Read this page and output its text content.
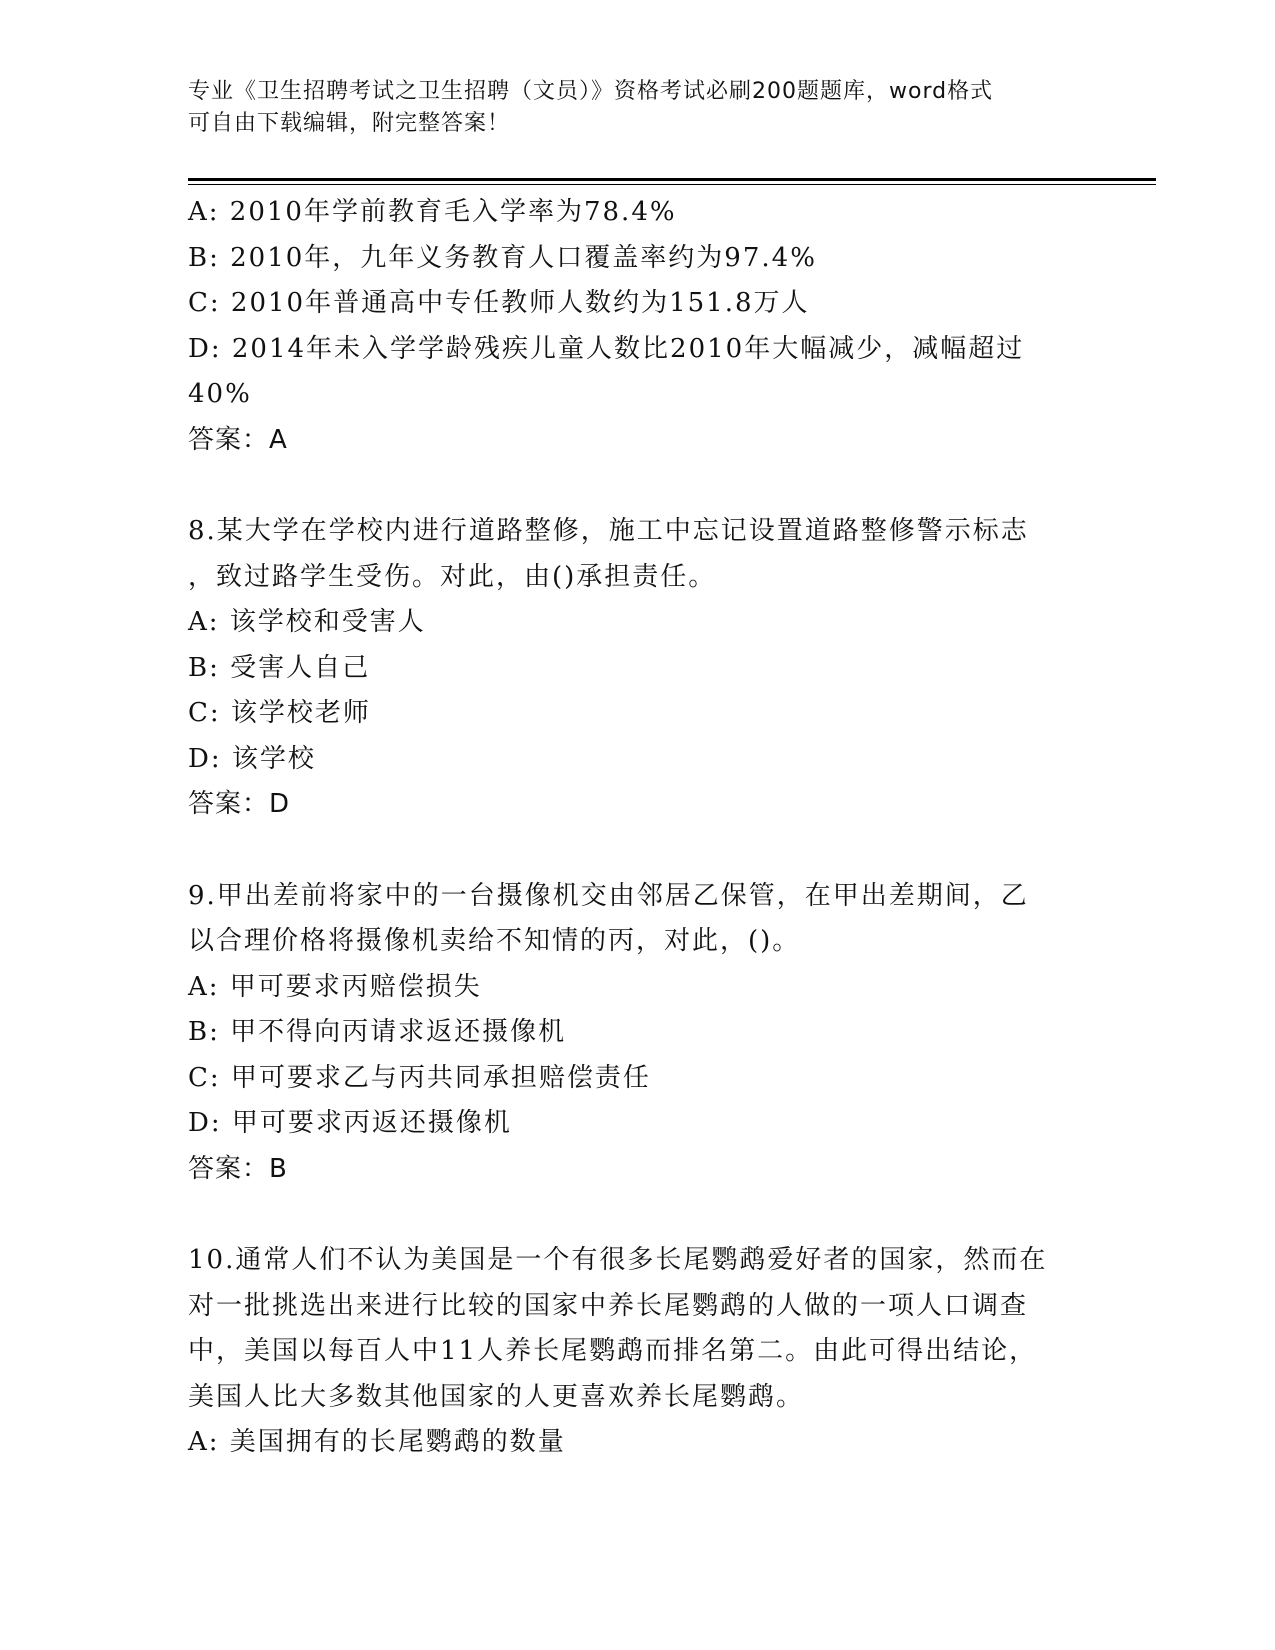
专业《卫生招聘考试之卫生招聘（文员）》资格考试必刷200题题库，word格式
可自由下载编辑，附完整答案！
A: 2010年学前教育毛入学率为78.4%
B: 2010年，九年义务教育人口覆盖率约为97.4%
C: 2010年普通高中专任教师人数约为151.8万人
D: 2014年未入学学龄残疾儿童人数比2010年大幅减少，减幅超过
40%
答案：A
8.某大学在学校内进行道路整修，施工中忘记设置道路整修警示标志
，致过路学生受伤。对此，由()承担责任。
A: 该学校和受害人
B: 受害人自己
C: 该学校老师
D: 该学校
答案：D
9.甲出差前将家中的一台摄像机交由邻居乙保管，在甲出差期间，乙
以合理价格将摄像机卖给不知情的丙，对此，()。
A: 甲可要求丙赔偿损失
B: 甲不得向丙请求返还摄像机
C: 甲可要求乙与丙共同承担赔偿责任
D: 甲可要求丙返还摄像机
答案：B
10.通常人们不认为美国是一个有很多长尾鹦鹉爱好者的国家，然而在
对一批挑选出来进行比较的国家中养长尾鹦鹉的人做的一项人口调查
中，美国以每百人中11人养长尾鹦鹉而排名第二。由此可得出结论，
美国人比大多数其他国家的人更喜欢养长尾鹦鹉。
A: 美国拥有的长尾鹦鹉的数量
